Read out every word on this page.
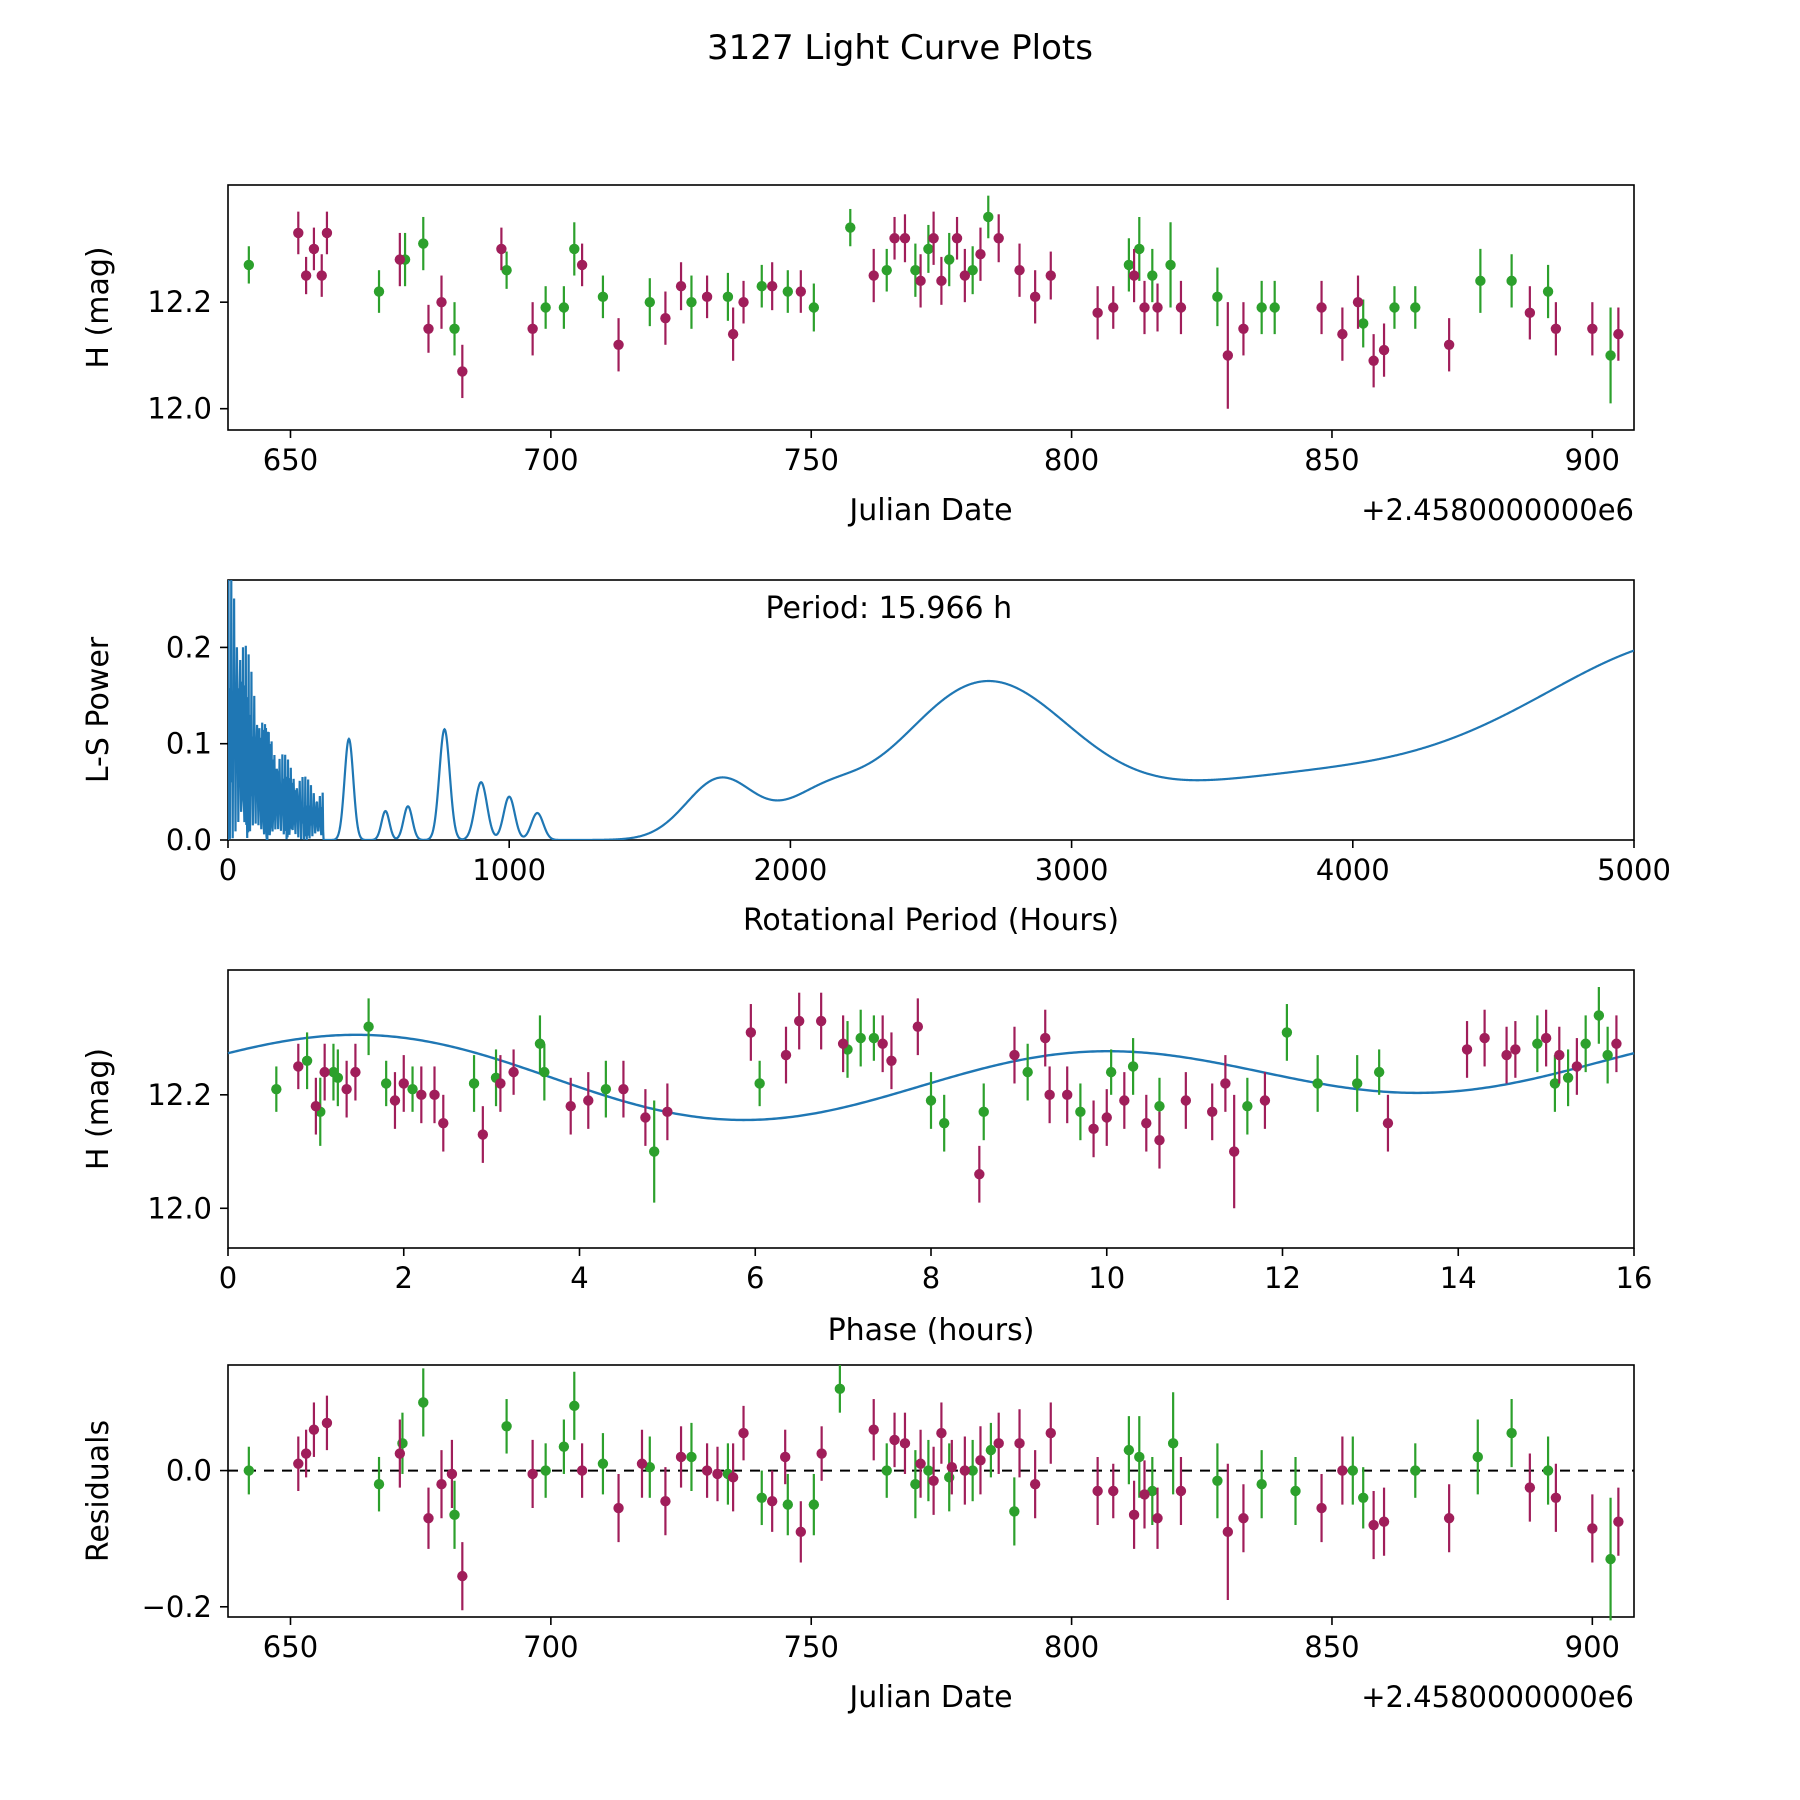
3127 Light Curve Plots
650	700	750	800	850	900
12.0
12.2
H (mag)
Julian Date	+2.4580000000e6
0	1000	2000	3000	4000	5000
0.0
0.1
0.2
L-S Power
Rotational Period (Hours)
Period: 15.966 h
0	2	4	6	8	10	12	14	16
12.0
12.2
H (mag)
Phase (hours)
650	700	750	800	850	900
−0.2
0.0
Residuals
Julian Date	+2.4580000000e6
